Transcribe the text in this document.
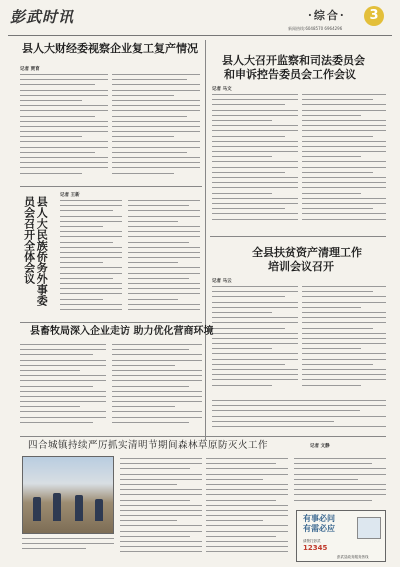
彭武时讯	·综合·	3
新闻热线:6048570 6964296
县人大财经委视察企业复工复产情况
记者 贾育
县人大民族侨务外事委员会召开全体会议
记者 王新
县人大召开监察和司法委员会
和申诉控告委员会工作会议
记者 马文
全县扶贫资产清理工作
培训会议召开
记者 马云
县畜牧局深入企业走访 助力优化营商环境
四合城镇持续严厉抓实清明节期间森林草原防灭火工作	记者 文静
有事必问
有需必应
请拨打彭武
12345
彭武县政务服务热线
